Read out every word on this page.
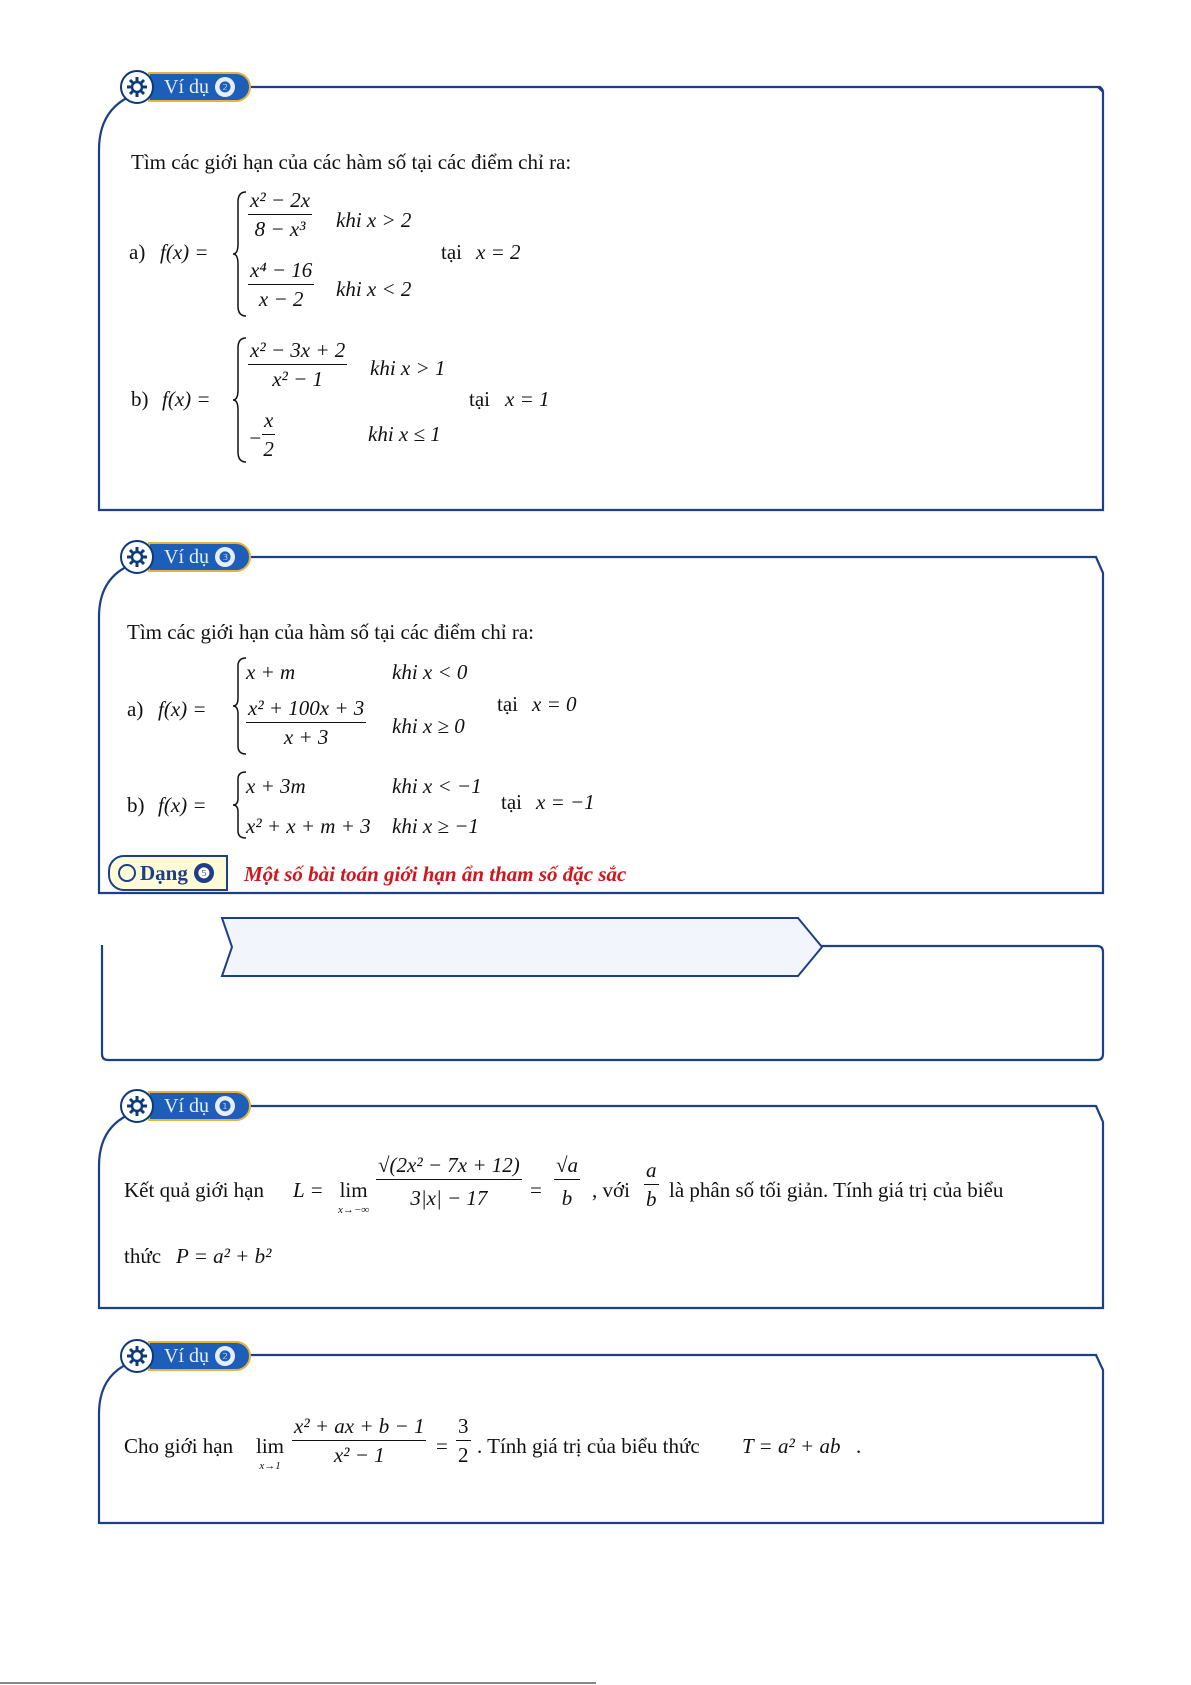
Ví dụ ❷
Tìm các giới hạn của các hàm số tại các điểm chỉ ra:
a) f(x) =
$\frac{\text{x² − 2x}}{\text{8 − x³}}$ khi x > 2
$\frac{\text{x⁴ − 16}}{x - 2}$ khi x < 2
tại x = 2
b) f(x) =
$\frac{\text{x² − 3x + 2}}{\text{x² − 1}}$ khi x > 1
− $\frac{x}{2}$	khi x ≤ 1
tại x = 1
Ví dụ ❸
Tìm các giới hạn của hàm số tại các điểm chỉ ra:
a) f(x) =
x + m	khi x < 0
$\frac{\text{x² + 100x + 3}}{x + 3}$ khi x ≥ 0
tại x = 0
b) f(x) =
x + 3m	khi x < −1
x² + x + m + 3 khi x ≥ −1
tại x = −1
Dạng ❺ Một số bài toán giới hạn ẩn tham số đặc sắc
Ví dụ ❶
Kết quả giới hạn L = lim
x→−∞
$\frac{\text{√(2x² − 7x + 12)}}{3|x| - 17} = \frac{√a}{b}$ , với $\frac{a}{b}$ là phân số tối giản. Tính giá trị của biểu
thức P = a² + b²
Ví dụ ❷
Cho giới hạn lim
$x\to 1 \frac{\text{x² + ax + b − 1}}{\text{x² − 1}} = \frac{3}{2}$ . Tính giá trị của biểu thức T = a² + ab .
